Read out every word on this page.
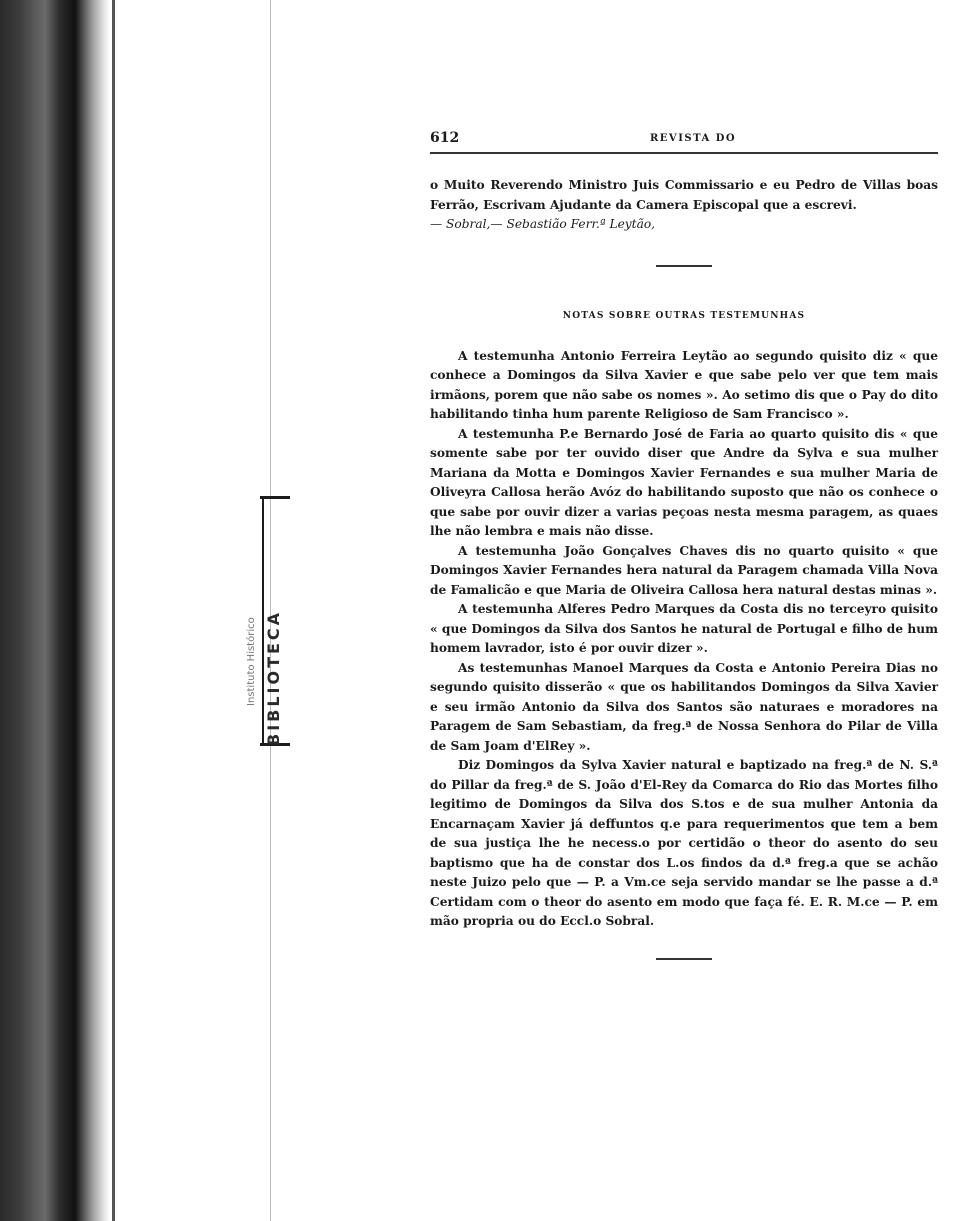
Instituto Histórico BIBLIOTECA
612	REVISTA DO

o Muito Reverendo Ministro Juis Commissario e eu Pedro de Villas boas Ferrão, Escrivam Ajudante da Camera Episcopal que a escrevi.

— Sobral,— Sebastião Ferr.ª Leytão,

NOTAS SOBRE OUTRAS TESTEMUNHAS

A testemunha Antonio Ferreira Leytão ao segundo quisito diz « que conhece a Domingos da Silva Xavier e que sabe pelo ver que tem mais irmãons, porem que não sabe os nomes ». Ao setimo dis que o Pay do dito habilitando tinha hum parente Religioso de Sam Francisco ».

A testemunha P.e Bernardo José de Faria ao quarto quisito dis « que somente sabe por ter ouvido diser que Andre da Sylva e sua mulher Mariana da Motta e Domingos Xavier Fernandes e sua mulher Maria de Oliveyra Callosa herão Avóz do habilitando suposto que não os conhece o que sabe por ouvir dizer a varias peçoas nesta mesma paragem, as quaes lhe não lembra e mais não disse.

A testemunha João Gonçalves Chaves dis no quarto quisito « que Domingos Xavier Fernandes hera natural da Paragem chamada Villa Nova de Famalicão e que Maria de Oliveira Callosa hera natural destas minas ».

A testemunha Alferes Pedro Marques da Costa dis no terceyro quisito « que Domingos da Silva dos Santos he natural de Portugal e filho de hum homem lavrador, isto é por ouvir dizer ».

As testemunhas Manoel Marques da Costa e Antonio Pereira Dias no segundo quisito disserão « que os habilitandos Domingos da Silva Xavier e seu irmão Antonio da Silva dos Santos são naturaes e moradores na Paragem de Sam Sebastiam, da freg.ª de Nossa Senhora do Pilar de Villa de Sam Joam d'ElRey ».

Diz Domingos da Sylva Xavier natural e baptizado na freg.ª de N. S.ª do Pillar da freg.ª de S. João d'El-Rey da Comarca do Rio das Mortes filho legitimo de Domingos da Silva dos S.tos e de sua mulher Antonia da Encarnaçam Xavier já deffuntos q.e para requerimentos que tem a bem de sua justiça lhe he necess.o por certidão o theor do asento do seu baptismo que ha de constar dos L.os findos da d.ª freg.a que se achão neste Juizo pelo que — P. a Vm.ce seja servido mandar se lhe passe a d.ª Certidam com o theor do asento em modo que faça fé. E. R. M.ce — P. em mão propria ou do Eccl.o Sobral.
